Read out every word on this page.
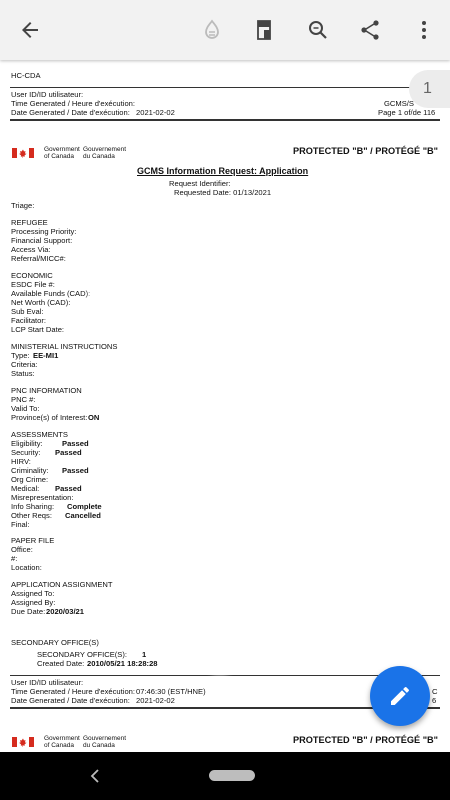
1
HC-CDA
User ID/ID utilisateur:
Time Generated / Heure d'exécution:
Date Generated / Date d'exécution: 2021-02-02
GCMS/S
Page 1 of/de 116
Government
of Canada
Gouvernement
du Canada
PROTECTED "B" / PROTÉGÉ "B"
GCMS Information Request: Application
Request Identifier:
Requested Date: 01/13/2021
Triage:
REFUGEE
Processing Priority:
Financial Support:
Access Via:
Referral/MICC#:
ECONOMIC
ESDC File #:
Available Funds (CAD):
Net Worth (CAD):
Sub Eval:
Facilitator:
LCP Start Date:
MINISTERIAL INSTRUCTIONS
Type: EE-MI1
Criteria:
Status:
PNC INFORMATION
PNC #:
Valid To:
Province(s) of Interest: ON
ASSESSMENTS
Eligibility:	Passed
Security: Passed
HIRV:
Criminality: Passed
Org Crime:
Medical: Passed
Misrepresentation:
Info Sharing: Complete
Other Reqs: Cancelled
Final:
PAPER FILE
Office:
#:
Location:
APPLICATION ASSIGNMENT
Assigned To:
Assigned By:
Due Date: 2020/03/21
SECONDARY OFFICE(S)
SECONDARY OFFICE(S): 1
Created Date: 2010/05/21 18:28:28
User ID/ID utilisateur:
Time Generated / Heure d'exécution: 07:46:30 (EST/HNE)
Date Generated / Date d'exécution: 2021-02-02
C
6
Government
of Canada
Gouvernement
du Canada
PROTECTED "B" / PROTÉGÉ "B"
